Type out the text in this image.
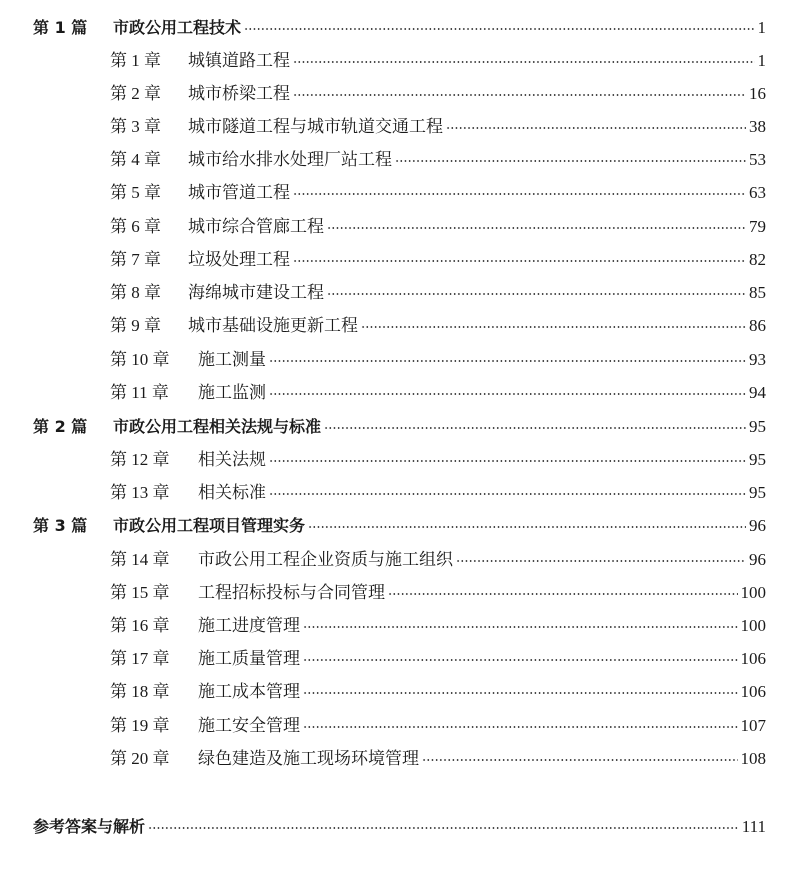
第 1 篇	市政公用工程技术	1
第 1 章	城镇道路工程	1
第 2 章	城市桥梁工程	16
第 3 章	城市隧道工程与城市轨道交通工程	38
第 4 章	城市给水排水处理厂站工程	53
第 5 章	城市管道工程	63
第 6 章	城市综合管廊工程	79
第 7 章	垃圾处理工程	82
第 8 章	海绵城市建设工程	85
第 9 章	城市基础设施更新工程	86
第 10 章	施工测量	93
第 11 章	施工监测	94
第 2 篇	市政公用工程相关法规与标准	95
第 12 章	相关法规	95
第 13 章	相关标准	95
第 3 篇	市政公用工程项目管理实务	96
第 14 章	市政公用工程企业资质与施工组织	96
第 15 章	工程招标投标与合同管理	100
第 16 章	施工进度管理	100
第 17 章	施工质量管理	106
第 18 章	施工成本管理	106
第 19 章	施工安全管理	107
第 20 章	绿色建造及施工现场环境管理	108
参考答案与解析	111
